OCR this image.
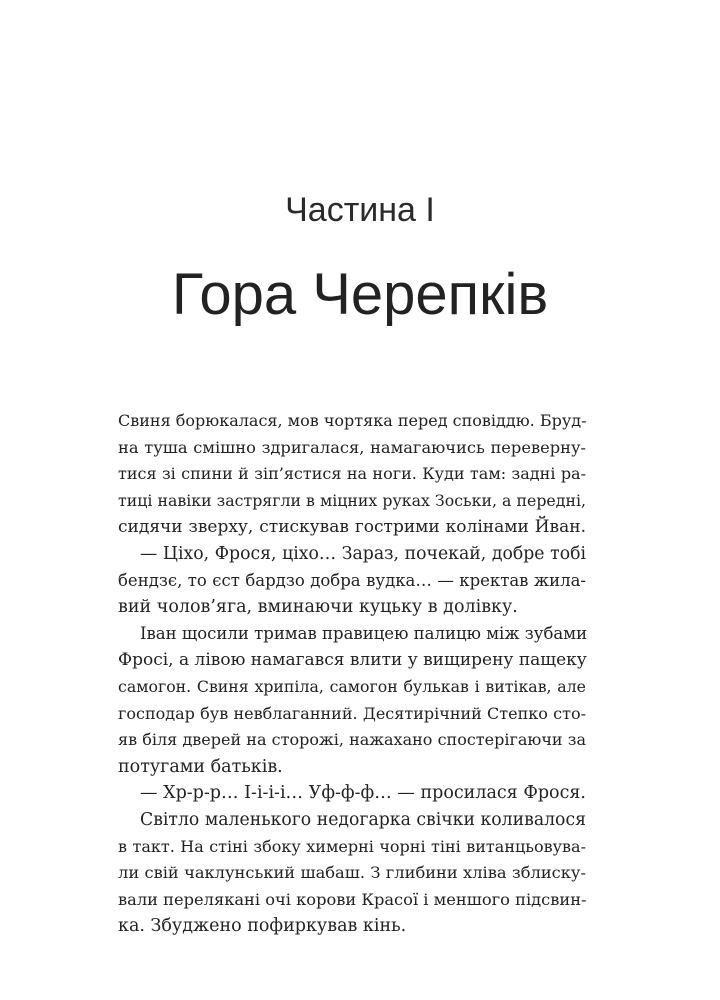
Частина I
Гора Черепків
Свиня борюкалася, мов чортяка перед сповіддю. Бруд-
на туша смішно здригалася, намагаючись переверну-
тися зі спини й зіп’ястися на ноги. Куди там: задні ра-
тиці навіки застрягли в міцних руках Зоськи, а передні,
сидячи зверху, стискував гострими колінами Йван.
— Ціхо, Фрося, ціхо… Зараз, почекай, добре тобі
бендзє, то єст бардзо добра вудка… — кректав жила-
вий чолов’яга, вминаючи куцьку в долівку.
Іван щосили тримав правицею палицю між зубами
Фросі, а лівою намагався влити у вищирену пащеку
самогон. Свиня хрипіла, самогон булькав і витікав, але
господар був невблаганний. Десятирічний Степко сто-
яв біля дверей на сторожі, нажахано спостерігаючи за
потугами батьків.
— Хр-р-р… І-і-і-і… Уф-ф-ф… — просилася Фрося.
Світло маленького недогарка свічки коливалося
в такт. На стіні збоку химерні чорні тіні витанцьовува-
ли свій чаклунський шабаш. З глибини хліва зблиску-
вали перелякані очі корови Красої і меншого підсвин-
ка. Збуджено пофиркував кінь.
